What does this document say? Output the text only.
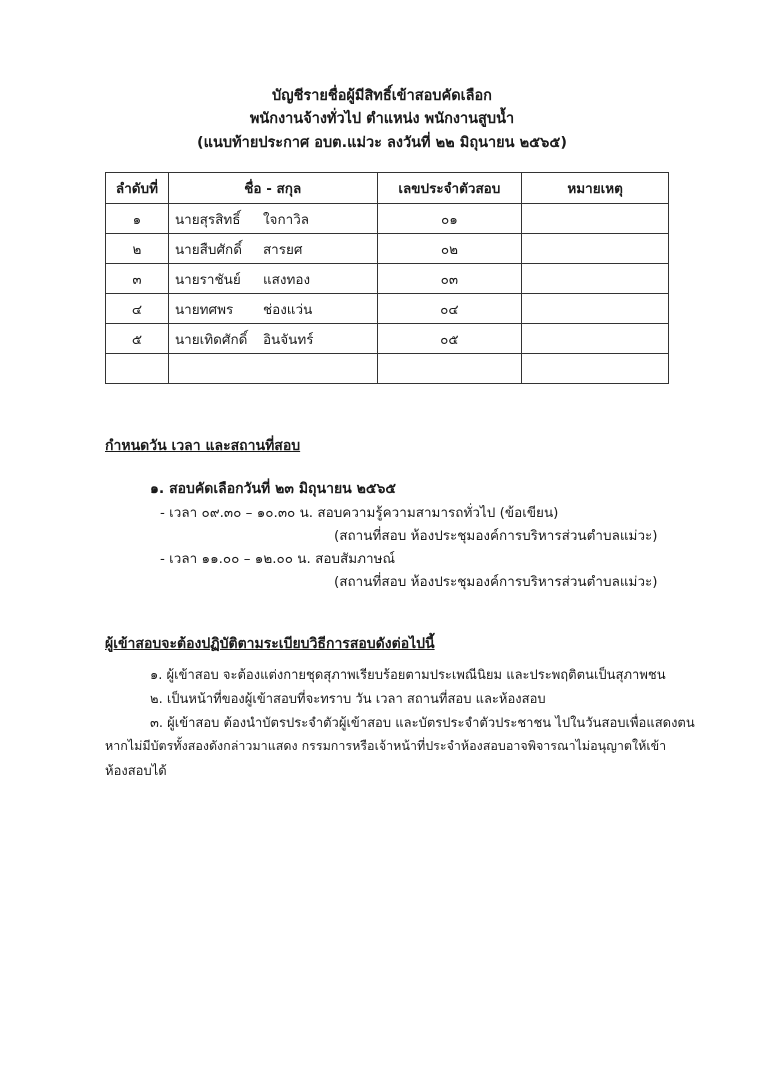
บัญชีรายชื่อผู้มีสิทธิ์เข้าสอบคัดเลือก
พนักงานจ้างทั่วไป ตำแหน่ง พนักงานสูบน้ำ
(แนบท้ายประกาศ อบต.แม่วะ ลงวันที่ ๒๒ มิถุนายน ๒๕๖๕)
ลำดับที่	ชื่อ - สกุล	เลขประจำตัวสอบ	หมายเหตุ
๑	นายสุรสิทธิ์ ใจกาวิล	๐๑	
๒	นายสืบศักดิ์ สารยศ	๐๒	
๓	นายราชันย์ แสงทอง	๐๓	
๔	นายทศพร ช่องแว่น	๐๔	
๕	นายเทิดศักดิ์ อินจันทร์	๐๕	

กำหนดวัน เวลา และสถานที่สอบ
๑. สอบคัดเลือกวันที่ ๒๓ มิถุนายน ๒๕๖๕
- เวลา ๐๙.๓๐ – ๑๐.๓๐ น. สอบความรู้ความสามารถทั่วไป (ข้อเขียน)
(สถานที่สอบ ห้องประชุมองค์การบริหารส่วนตำบลแม่วะ)
- เวลา ๑๑.๐๐ – ๑๒.๐๐ น. สอบสัมภาษณ์
(สถานที่สอบ ห้องประชุมองค์การบริหารส่วนตำบลแม่วะ)
ผู้เข้าสอบจะต้องปฏิบัติตามระเบียบวิธีการสอบดังต่อไปนี้
๑. ผู้เข้าสอบ จะต้องแต่งกายชุดสุภาพเรียบร้อยตามประเพณีนิยม และประพฤติตนเป็นสุภาพชน
๒. เป็นหน้าที่ของผู้เข้าสอบที่จะทราบ วัน เวลา สถานที่สอบ และห้องสอบ
๓. ผู้เข้าสอบ ต้องนำบัตรประจำตัวผู้เข้าสอบ และบัตรประจำตัวประชาชน ไปในวันสอบเพื่อแสดงตน
หากไม่มีบัตรทั้งสองดังกล่าวมาแสดง กรรมการหรือเจ้าหน้าที่ประจำห้องสอบอาจพิจารณาไม่อนุญาตให้เข้า
ห้องสอบได้
